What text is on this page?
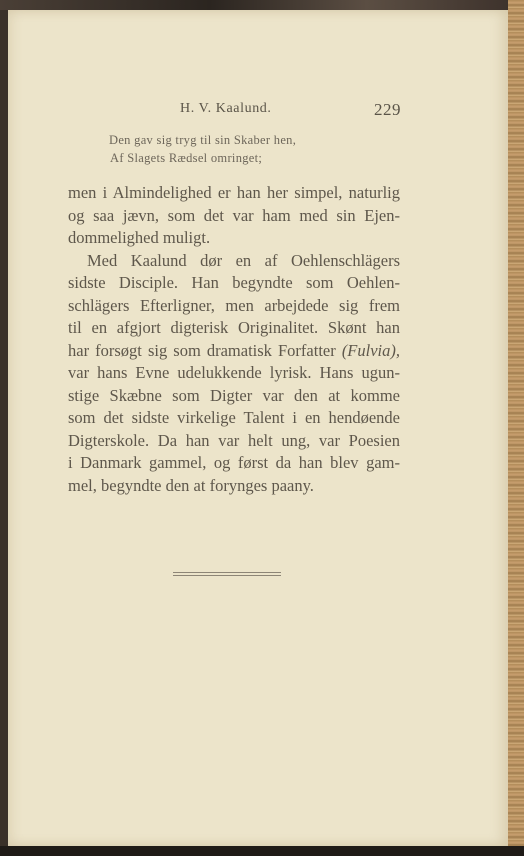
H. V. Kaalund.	229
Den gav sig tryg til sin Skaber hen,
Af Slagets Rædsel omringet;
men i Almindelighed er han her simpel, naturlig
og saa jævn, som det var ham med sin Ejen-
dommelighed muligt.
Med Kaalund dør en af Oehlenschlägers
sidste Disciple. Han begyndte som Oehlen-
schlägers Efterligner, men arbejdede sig frem
til en afgjort digterisk Originalitet. Skønt han
har forsøgt sig som dramatisk Forfatter (Fulvia),
var hans Evne udelukkende lyrisk. Hans ugun-
stige Skæbne som Digter var den at komme
som det sidste virkelige Talent i en hendøende
Digterskole. Da han var helt ung, var Poesien
i Danmark gammel, og først da han blev gam-
mel, begyndte den at forynges paany.
